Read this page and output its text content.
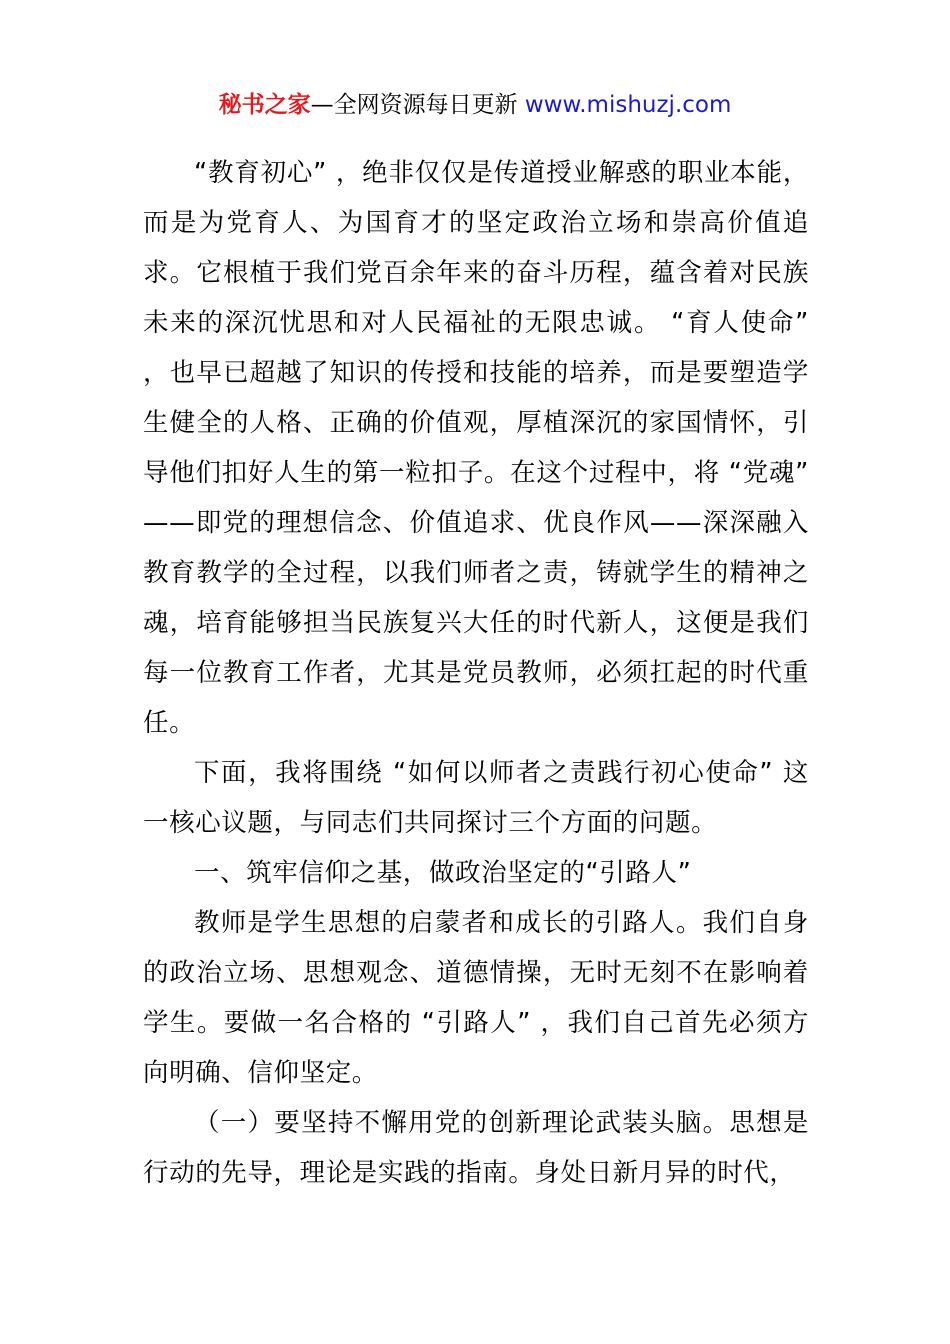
秘书之家—全网资源每日更新 www.mishuzj.com

“教育初心” ，绝非仅仅是传道授业解惑的职业本能，而是为党育人、为国育才的坚定政治立场和崇高价值追求。它根植于我们党百余年来的奋斗历程，蕴含着对民族未来的深沉忧思和对人民福祉的无限忠诚。 “育人使命” ，也早已超越了知识的传授和技能的培养，而是要塑造学生健全的人格、正确的价值观，厚植深沉的家国情怀，引导他们扣好人生的第一粒扣子。在这个过程中，将 “党魂” ——即党的理想信念、价值追求、优良作风——深深融入教育教学的全过程，以我们师者之责，铸就学生的精神之魂，培育能够担当民族复兴大任的时代新人，这便是我们每一位教育工作者，尤其是党员教师，必须扛起的时代重任。

下面，我将围绕 “如何以师者之责践行初心使命” 这一核心议题，与同志们共同探讨三个方面的问题。

一、筑牢信仰之基，做政治坚定的“引路人”

教师是学生思想的启蒙者和成长的引路人。我们自身的政治立场、思想观念、道德情操，无时无刻不在影响着学生。要做一名合格的 “引路人” ，我们自己首先必须方向明确、信仰坚定。

（一）要坚持不懈用党的创新理论武装头脑。思想是行动的先导，理论是实践的指南。身处日新月异的时代，
